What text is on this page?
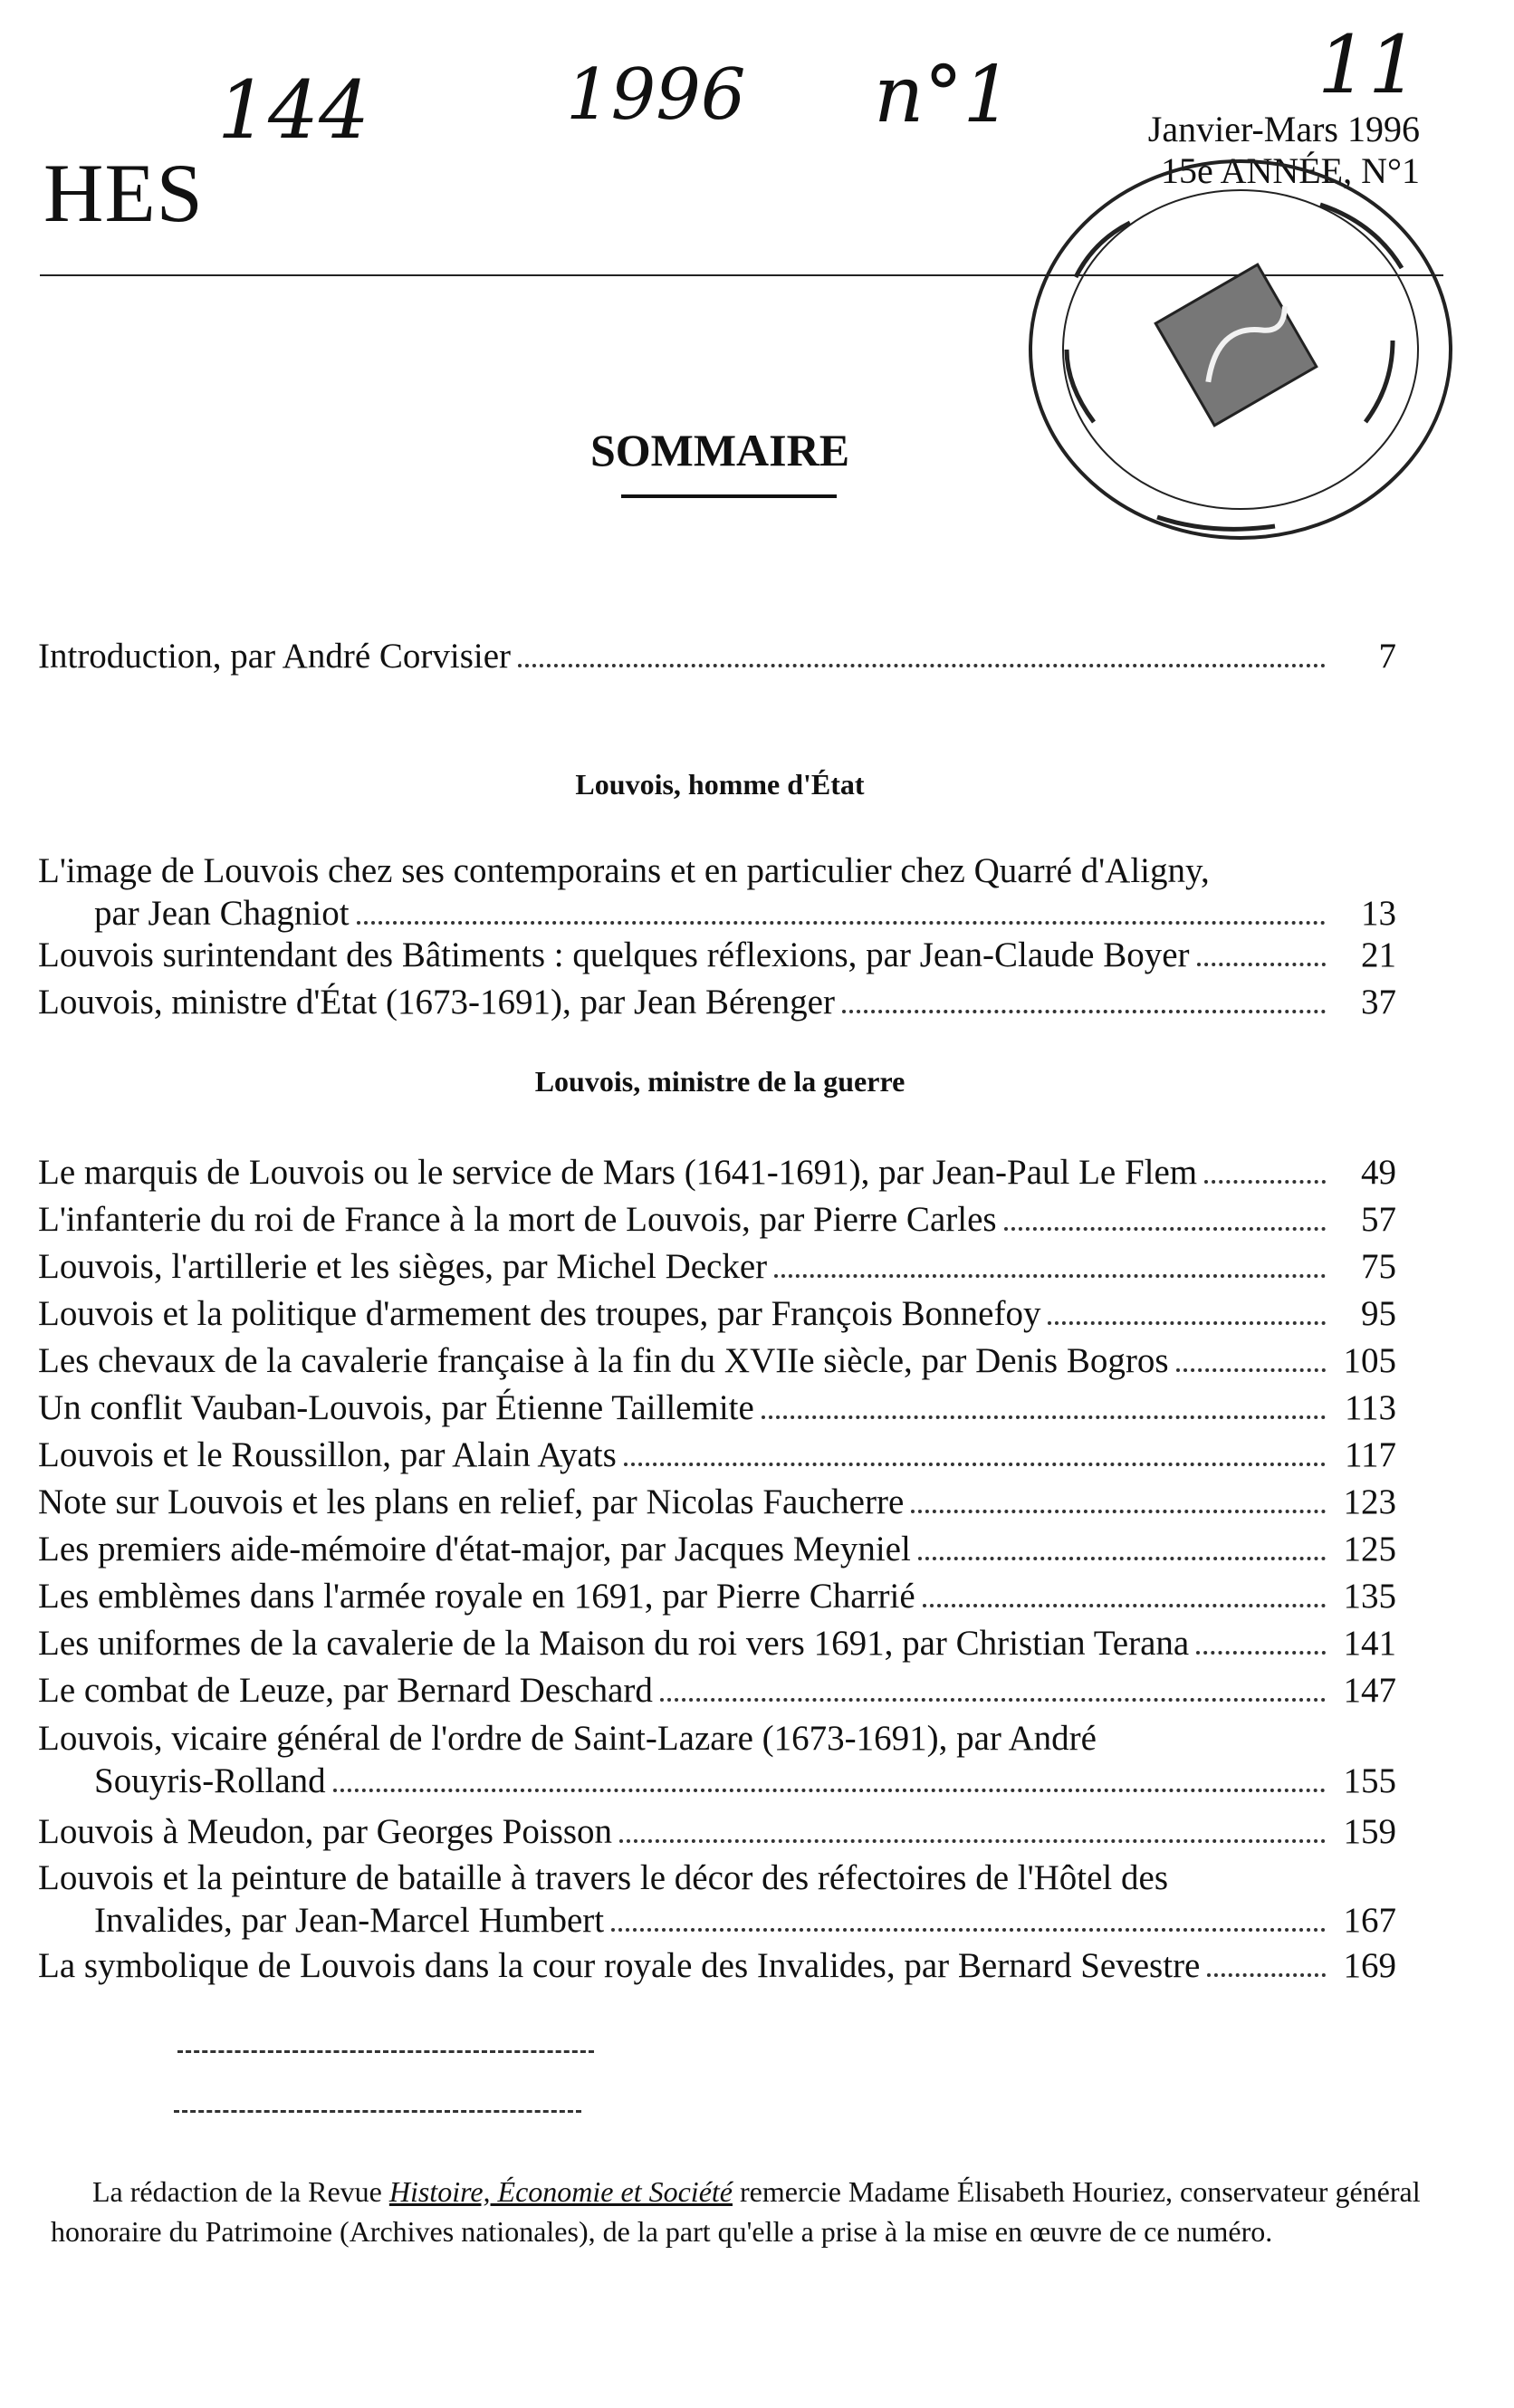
144	1996 n°1	11
HES
Janvier-Mars 1996
15e ANNÉE, N°1
SOMMAIRE
Introduction, par André Corvisier	7
Louvois, homme d'État
L'image de Louvois chez ses contemporains et en particulier chez Quarré d'Aligny,
par Jean Chagniot	13
Louvois surintendant des Bâtiments : quelques réflexions, par Jean-Claude Boyer	21
Louvois, ministre d'État (1673-1691), par Jean Bérenger	37
Louvois, ministre de la guerre
Le marquis de Louvois ou le service de Mars (1641-1691), par Jean-Paul Le Flem	49
L'infanterie du roi de France à la mort de Louvois, par Pierre Carles	57
Louvois, l'artillerie et les sièges, par Michel Decker	75
Louvois et la politique d'armement des troupes, par François Bonnefoy	95
Les chevaux de la cavalerie française à la fin du XVIIe siècle, par Denis Bogros	105
Un conflit Vauban-Louvois, par Étienne Taillemite	113
Louvois et le Roussillon, par Alain Ayats	117
Note sur Louvois et les plans en relief, par Nicolas Faucherre	123
Les premiers aide-mémoire d'état-major, par Jacques Meyniel	125
Les emblèmes dans l'armée royale en 1691, par Pierre Charrié	135
Les uniformes de la cavalerie de la Maison du roi vers 1691, par Christian Terana	141
Le combat de Leuze, par Bernard Deschard	147
Louvois, vicaire général de l'ordre de Saint-Lazare (1673-1691), par André
Souyris-Rolland	155
Louvois à Meudon, par Georges Poisson	159
Louvois et la peinture de bataille à travers le décor des réfectoires de l'Hôtel des
Invalides, par Jean-Marcel Humbert	167
La symbolique de Louvois dans la cour royale des Invalides, par Bernard Sevestre	169
La rédaction de la Revue Histoire, Économie et Société remercie Madame Élisabeth Houriez, conservateur général honoraire du Patrimoine (Archives nationales), de la part qu'elle a prise à la mise en œuvre de ce numéro.
